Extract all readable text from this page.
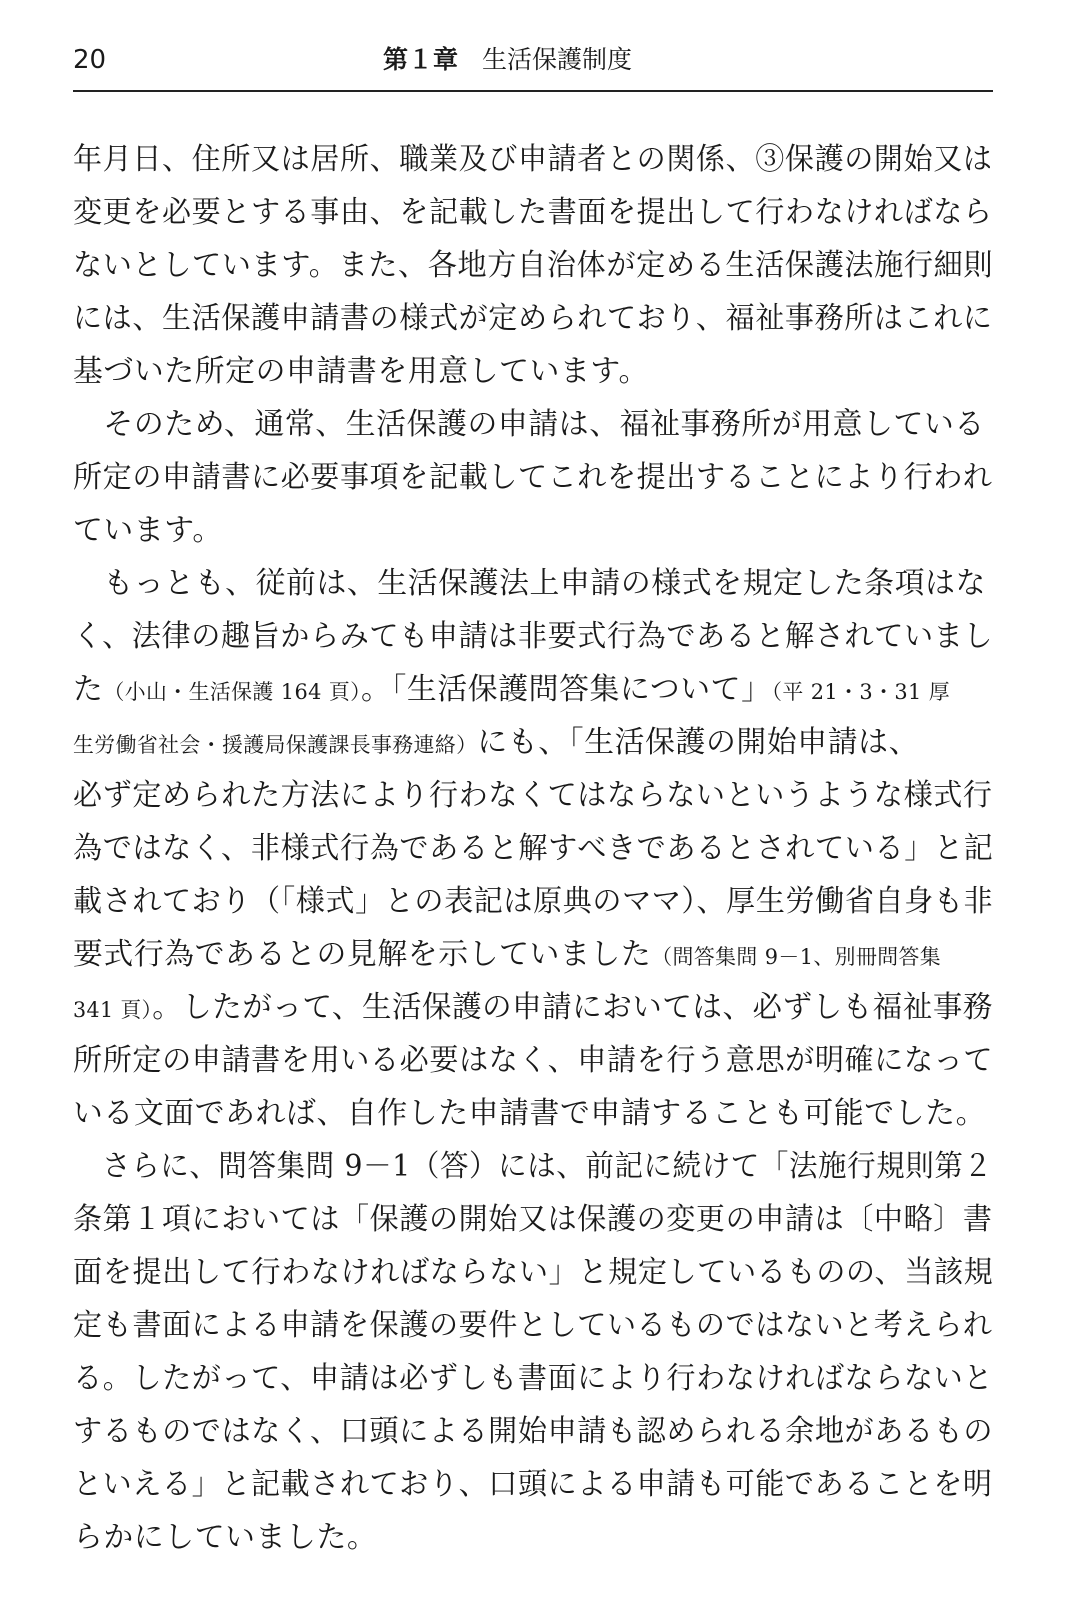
20	第１章 生活保護制度
年月日、住所又は居所、職業及び申請者との関係、③保護の開始又は
変更を必要とする事由、を記載した書面を提出して行わなければなら
ないとしています。また、各地方自治体が定める生活保護法施行細則
には、生活保護申請書の様式が定められており、福祉事務所はこれに
基づいた所定の申請書を用意しています。
　そのため、通常、生活保護の申請は、福祉事務所が用意している
所定の申請書に必要事項を記載してこれを提出することにより行われ
ています。
　もっとも、従前は、生活保護法上申請の様式を規定した条項はな
く、法律の趣旨からみても申請は非要式行為であると解されていまし
た（小山・生活保護 164 頁）。「生活保護問答集について」（平 21・3・31 厚
生労働省社会・援護局保護課長事務連絡）にも、「生活保護の開始申請は、
必ず定められた方法により行わなくてはならないというような様式行
為ではなく、非様式行為であると解すべきであるとされている」と記
載されており（「様式」との表記は原典のママ）、厚生労働省自身も非
要式行為であるとの見解を示していました（問答集問 9－1、別冊問答集
341 頁）。したがって、生活保護の申請においては、必ずしも福祉事務
所所定の申請書を用いる必要はなく、申請を行う意思が明確になって
いる文面であれば、自作した申請書で申請することも可能でした。
　さらに、問答集問 9－1（答）には、前記に続けて「法施行規則第２
条第１項においては「保護の開始又は保護の変更の申請は〔中略〕書
面を提出して行わなければならない」と規定しているものの、当該規
定も書面による申請を保護の要件としているものではないと考えられ
る。したがって、申請は必ずしも書面により行わなければならないと
するものではなく、口頭による開始申請も認められる余地があるもの
といえる」と記載されており、口頭による申請も可能であることを明
らかにしていました。
